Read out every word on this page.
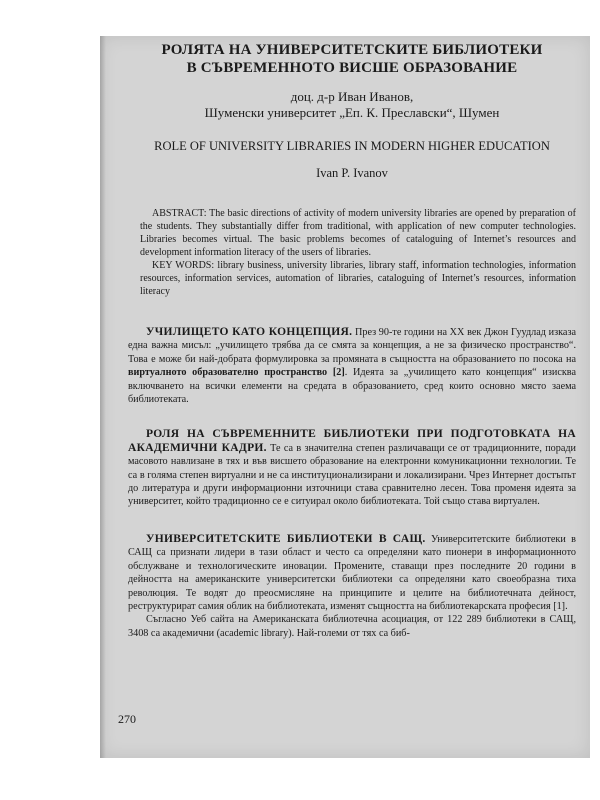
РОЛЯТА НА УНИВЕРСИТЕТСКИТЕ БИБЛИОТЕКИ
В СЪВРЕМЕННОТО ВИСШЕ ОБРАЗОВАНИЕ
доц. д-р Иван Иванов,
Шуменски университет „Еп. К. Преславски“, Шумен
ROLE OF UNIVERSITY LIBRARIES IN MODERN HIGHER EDUCATION
Ivan P. Ivanov

ABSTRACT: The basic directions of activity of modern university libraries are opened by preparation of the students. They substantially differ from traditional, with application of new computer technologies. Libraries becomes virtual. The basic problems becomes of cataloguing of Internet’s resources and development information literacy of the users of libraries.

KEY WORDS: library business, university libraries, library staff, information technologies, information resources, information services, automation of libraries, cataloguing of Internet’s resources, information literacy

УЧИЛИЩЕТО КАТО КОНЦЕПЦИЯ. През 90-те години на XX век Джон Гуудлад изказа една важна мисъл: „училището трябва да се смята за концепция, а не за физическо пространство“. Това е може би най-добрата формулировка за промяната в същността на образованието по посока на виртуалното образователно пространство [2]. Идеята за „училището като концепция“ изисква включването на всички елементи на средата в образованието, сред които основно място заема библиотеката.

РОЛЯ НА СЪВРЕМЕННИТЕ БИБЛИОТЕКИ ПРИ ПОДГОТОВКАТА НА АКАДЕМИЧНИ КАДРИ. Те са в значителна степен различаващи се от традиционните, поради масовото навлизане в тях и във висшето образование на електронни комуникационни технологии. Те са в голяма степен виртуални и не са институционализирани и локализирани. Чрез Интернет достъпът до литература и други информационни източници става сравнително лесен. Това променя идеята за университет, който традиционно се е ситуирал около библиотеката. Той също става виртуален.

УНИВЕРСИТЕТСКИТЕ БИБЛИОТЕКИ В САЩ. Университетските библиотеки в САЩ са признати лидери в тази област и често са определяни като пионери в информационното обслужване и технологическите иновации. Промените, ставащи през последните 20 години в дейността на американските университетски библиотеки са определяни като своеобразна тиха революция. Те водят до преосмисляне на принципите и целите на библиотечната дейност, реструктурират самия облик на библиотеката, изменят същността на библиотекарската професия [1].

Съгласно Уеб сайта на Американската библиотечна асоциация, от 122 289 библиотеки в САЩ, 3408 са академични (academic library). Най-големи от тях са биб-

270
